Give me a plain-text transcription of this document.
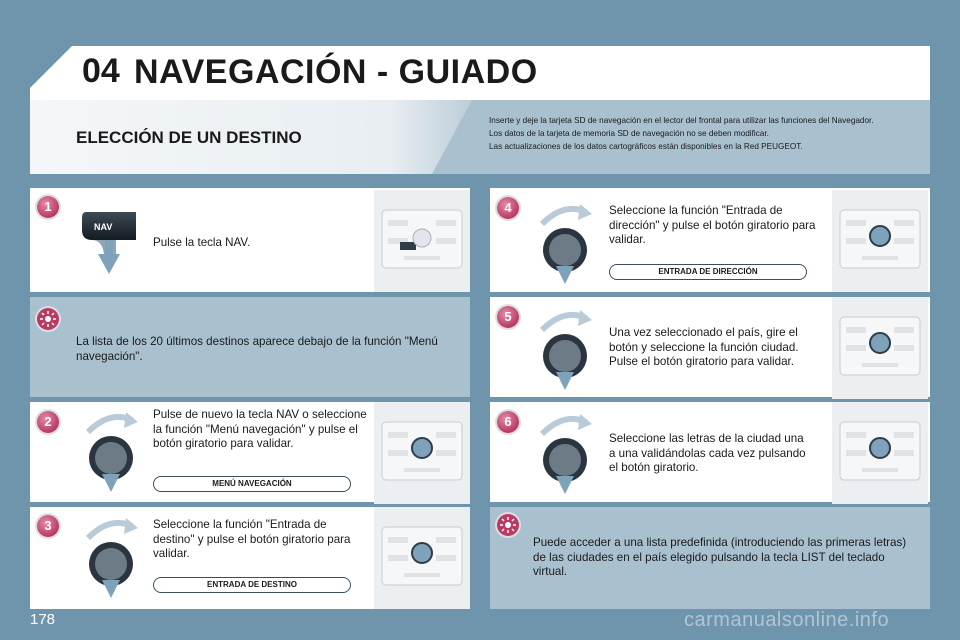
04 NAVEGACIÓN - GUIADO
ELECCIÓN DE UN DESTINO

Inserte y deje la tarjeta SD de navegación en el lector del frontal para utilizar las funciones del Navegador.

Los datos de la tarjeta de memoria SD de navegación no se deben modificar.

Las actualizaciones de los datos cartográficos están disponibles en la Red PEUGEOT.

1
NAV
Pulse la tecla NAV.
La lista de los 20 últimos destinos aparece debajo de la función "Menú navegación".
2	Pulse de nuevo la tecla NAV o seleccione la función "Menú navegación" y pulse el botón giratorio para validar.
MENÚ NAVEGACIÓN
3	Seleccione la función "Entrada de destino" y pulse el botón giratorio para validar.
ENTRADA DE DESTINO
4	Seleccione la función "Entrada de dirección" y pulse el botón giratorio para validar.
ENTRADA DE DIRECCIÓN
5
Una vez seleccionado el país, gire el botón y seleccione la función ciudad. Pulse el botón giratorio para validar.
6
Seleccione las letras de la ciudad una a una validándolas cada vez pulsando el botón giratorio.
Puede acceder a una lista predefinida (introduciendo las primeras letras) de las ciudades en el país elegido pulsando la tecla LIST del teclado virtual.
178	carmanualsonline.info
